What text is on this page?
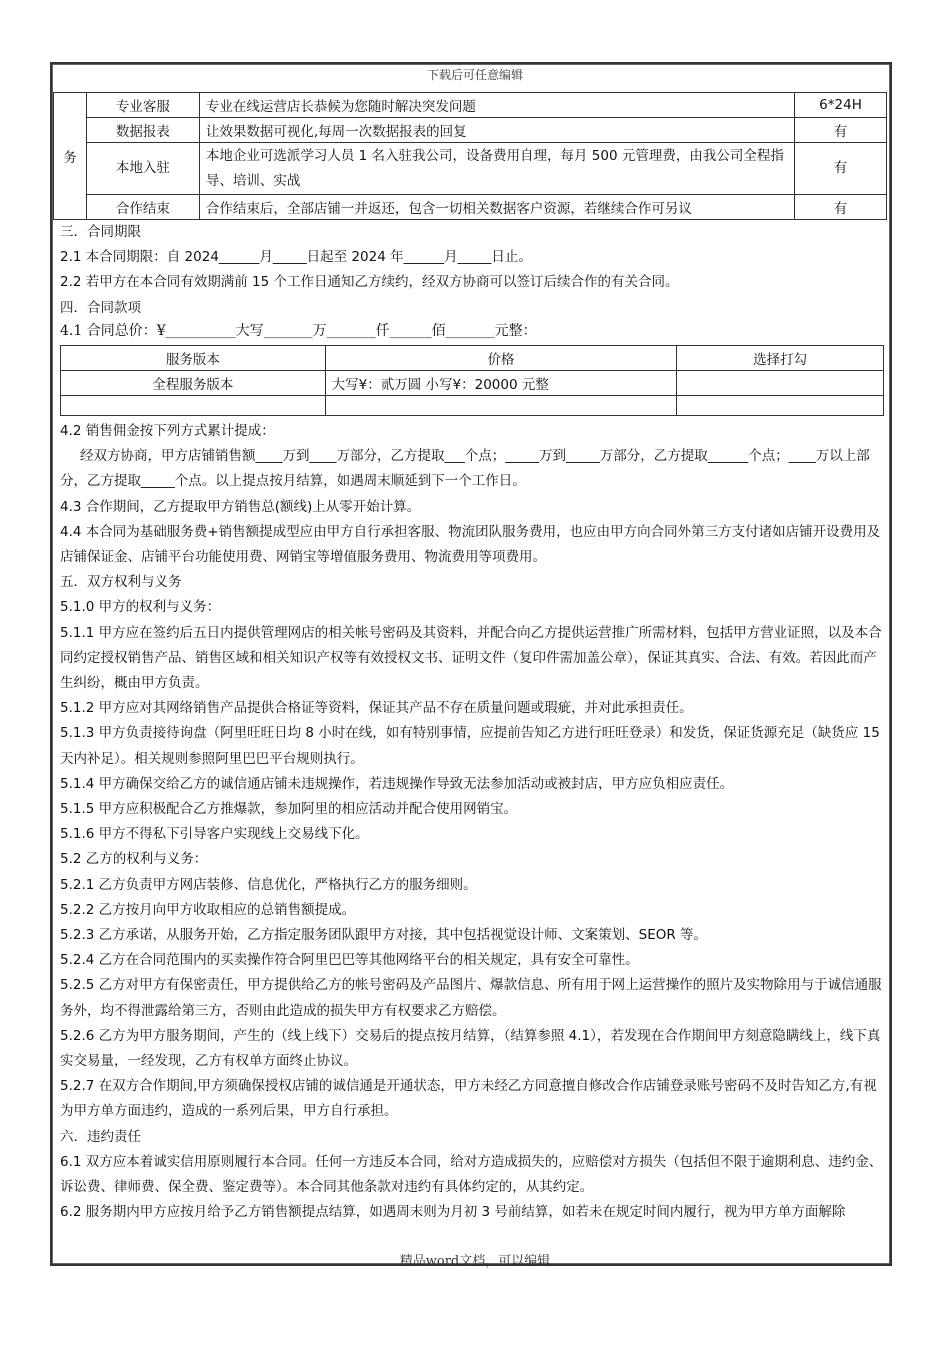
下载后可任意编辑
务	专业客服	专业在线运营店长恭候为您随时解决突发问题	6*24H
	数据报表	让效果数据可视化,每周一次数据报表的回复	有
	本地入驻	本地企业可选派学习人员 1 名入驻我公司，设备费用自理，每月 500 元管理费，由我公司全程指导、培训、实战	有
	合作结束	合作结束后，全部店铺一并返还，包含一切相关数据客户资源，若继续合作可另议	有

三．合同期限

2.1 本合同期限：自 2024______月_____日起至 2024 年______月_____日止。

2.2 若甲方在本合同有效期满前 15 个工作日通知乙方续约，经双方协商可以签订后续合作的有关合同。

四．合同款项

4.1 合同总价：¥__________大写_______万_______仟______佰_______元整：
服务版本	价格	选择打勾
全程服务版本	大写¥：贰万圆 小写¥：20000 元整	

4.2 销售佣金按下列方式累计提成：

经双方协商，甲方店铺销售额____万到____万部分，乙方提取___个点；_____万到_____万部分，乙方提取______个点；____万以上部分，乙方提取_____个点。以上提点按月结算，如遇周末顺延到下一个工作日。

4.3 合作期间，乙方提取甲方销售总(额线)上从零开始计算。

4.4 本合同为基础服务费+销售额提成型应由甲方自行承担客服、物流团队服务费用，也应由甲方向合同外第三方支付诸如店铺开设费用及店铺保证金、店铺平台功能使用费、网销宝等增值服务费用、物流费用等项费用。

五．双方权利与义务

5.1.0 甲方的权利与义务：

5.1.1 甲方应在签约后五日内提供管理网店的相关帐号密码及其资料，并配合向乙方提供运营推广所需材料，包括甲方营业证照，以及本合同约定授权销售产品、销售区域和相关知识产权等有效授权文书、证明文件（复印件需加盖公章），保证其真实、合法、有效。若因此而产生纠纷，概由甲方负责。

5.1.2 甲方应对其网络销售产品提供合格证等资料，保证其产品不存在质量问题或瑕疵，并对此承担责任。

5.1.3 甲方负责接待询盘（阿里旺旺日均 8 小时在线，如有特别事情，应提前告知乙方进行旺旺登录）和发货，保证货源充足（缺货应 15 天内补足）。相关规则参照阿里巴巴平台规则执行。

5.1.4 甲方确保交给乙方的诚信通店铺未违规操作，若违规操作导致无法参加活动或被封店，甲方应负相应责任。

5.1.5 甲方应积极配合乙方推爆款，参加阿里的相应活动并配合使用网销宝。

5.1.6 甲方不得私下引导客户实现线上交易线下化。

5.2 乙方的权利与义务：

5.2.1 乙方负责甲方网店装修、信息优化，严格执行乙方的服务细则。

5.2.2 乙方按月向甲方收取相应的总销售额提成。

5.2.3 乙方承诺，从服务开始，乙方指定服务团队跟甲方对接，其中包括视觉设计师、文案策划、SEOR 等。

5.2.4 乙方在合同范围内的买卖操作符合阿里巴巴等其他网络平台的相关规定，具有安全可靠性。

5.2.5 乙方对甲方有保密责任，甲方提供给乙方的帐号密码及产品图片、爆款信息、所有用于网上运营操作的照片及实物除用与于诚信通服务外，均不得泄露给第三方，否则由此造成的损失甲方有权要求乙方赔偿。

5.2.6 乙方为甲方服务期间，产生的（线上线下）交易后的提点按月结算，（结算参照 4.1），若发现在合作期间甲方刻意隐瞒线上，线下真实交易量，一经发现，乙方有权单方面终止协议。

5.2.7 在双方合作期间,甲方须确保授权店铺的诚信通是开通状态，甲方未经乙方同意擅自修改合作店铺登录账号密码不及时告知乙方,有视为甲方单方面违约，造成的一系列后果，甲方自行承担。

六．违约责任

6.1 双方应本着诚实信用原则履行本合同。任何一方违反本合同，给对方造成损失的，应赔偿对方损失（包括但不限于逾期利息、违约金、诉讼费、律师费、保全费、鉴定费等）。本合同其他条款对违约有具体约定的，从其约定。

6.2 服务期内甲方应按月给予乙方销售额提点结算，如遇周末则为月初 3 号前结算，如若未在规定时间内履行，视为甲方单方面解除

精品word文档，可以编辑
